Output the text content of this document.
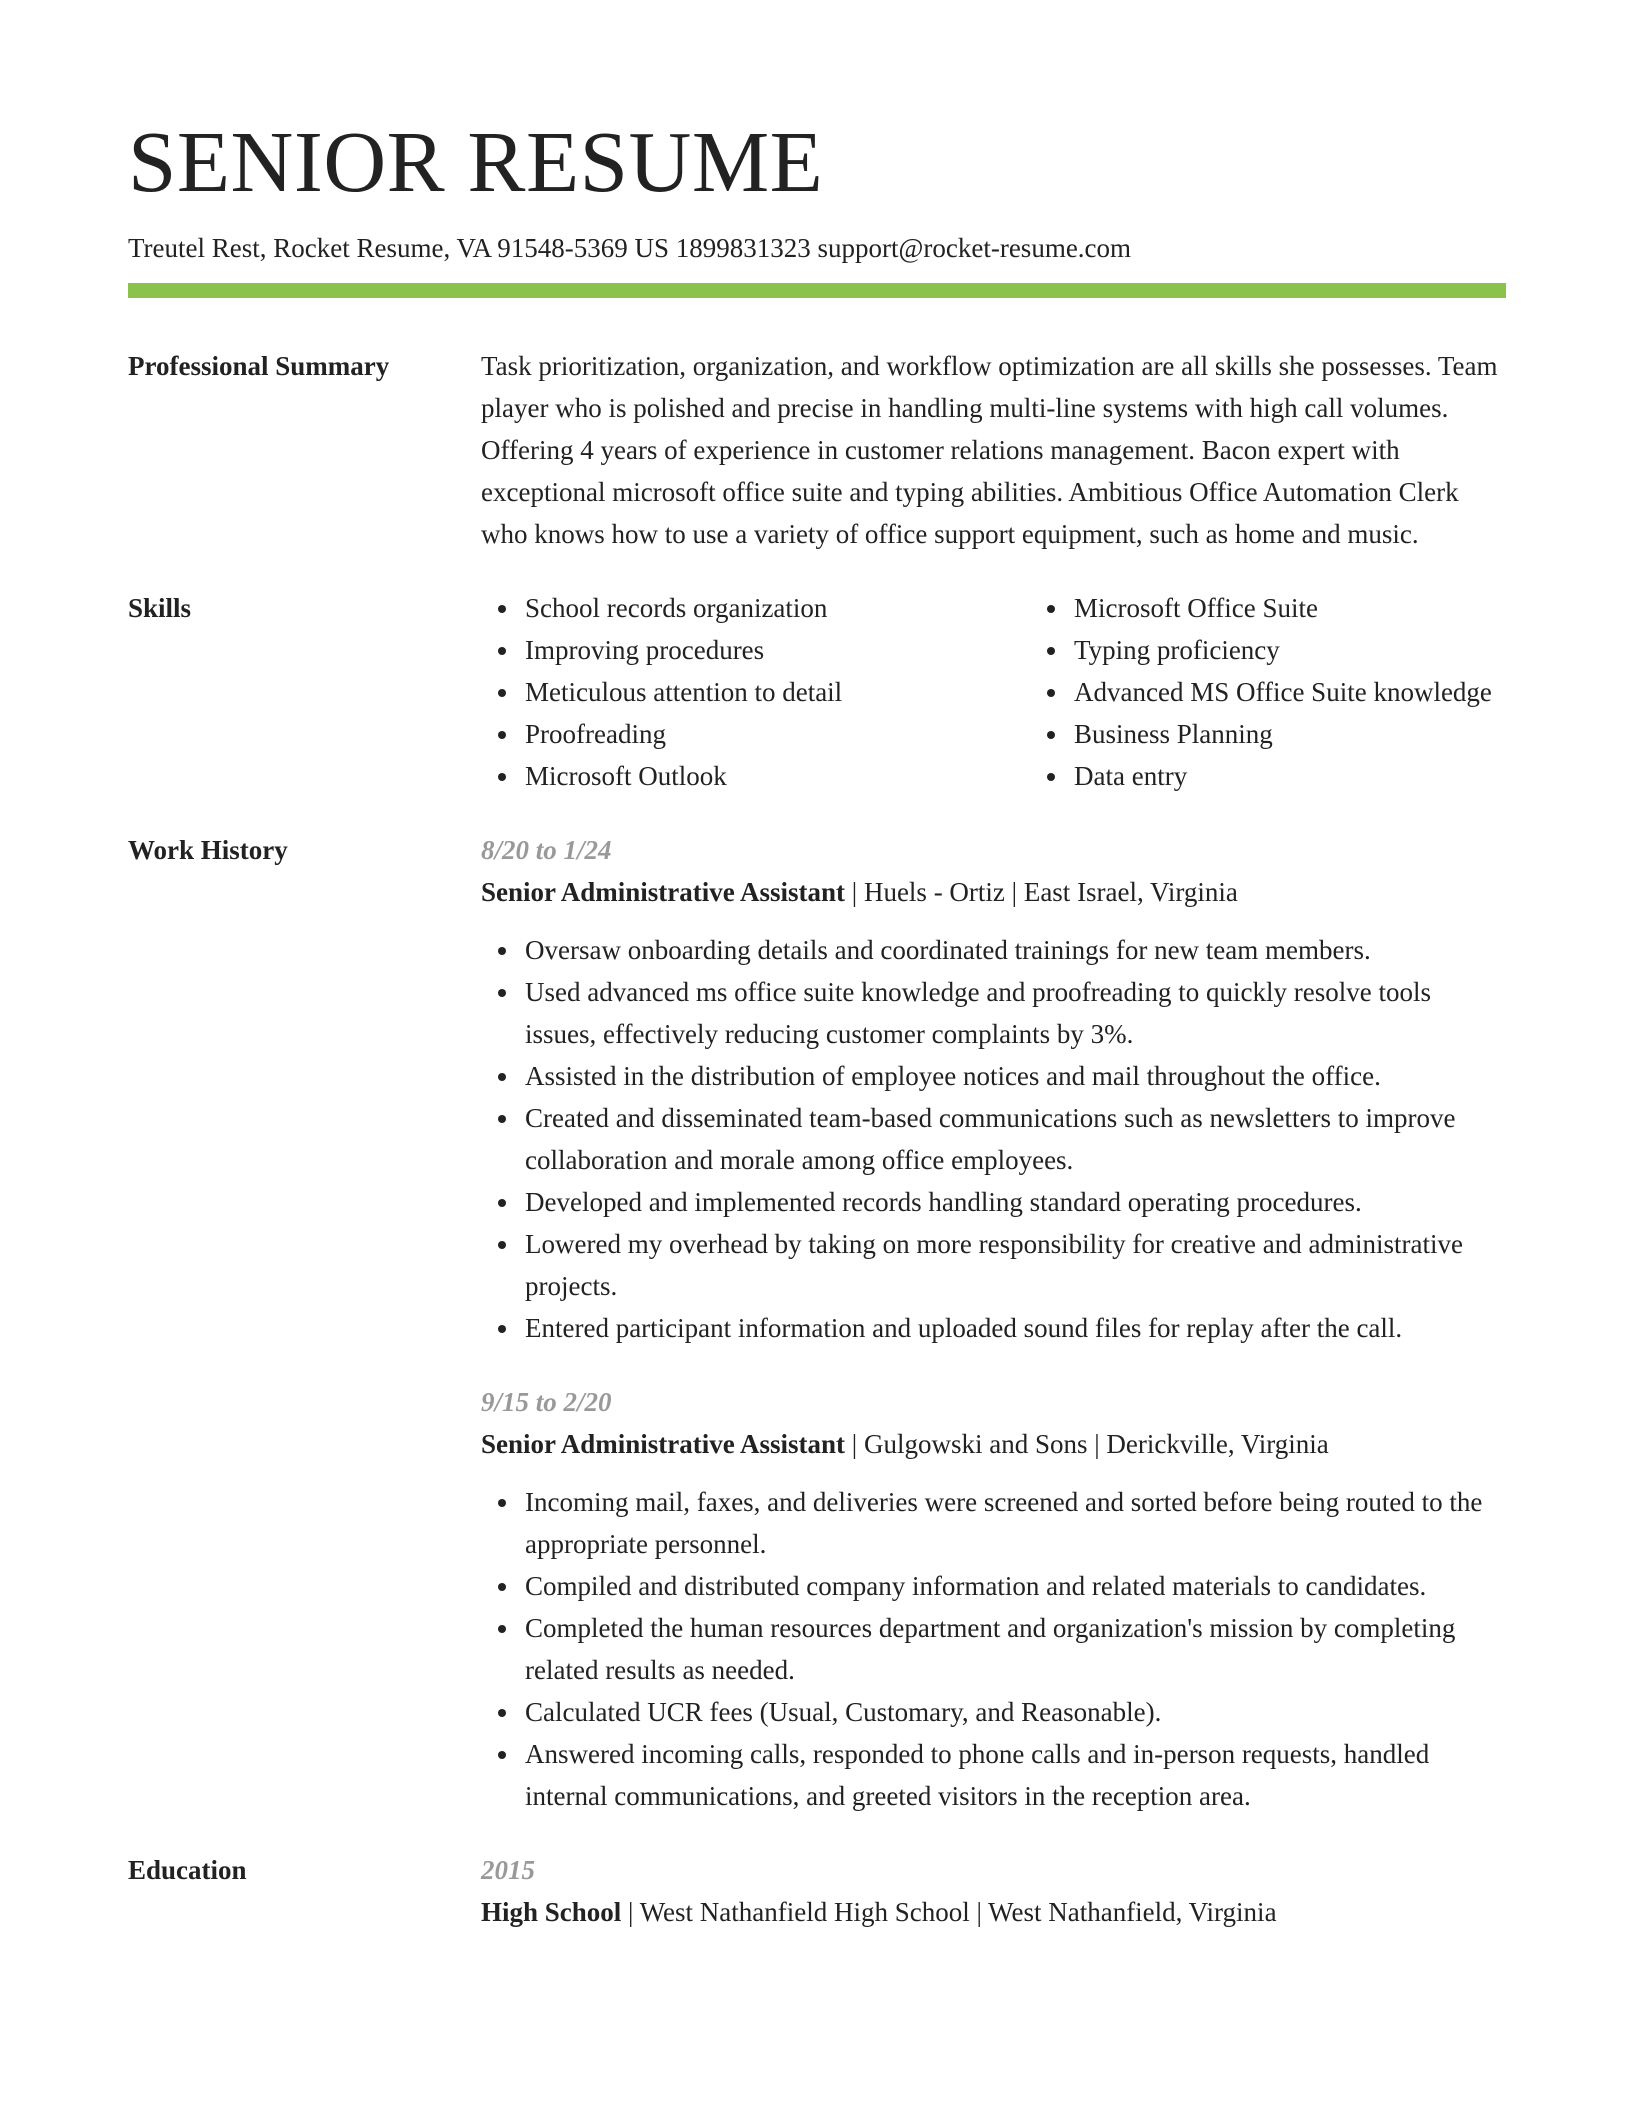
SENIOR RESUME
Treutel Rest, Rocket Resume, VA 91548-5369 US 1899831323 support@rocket-resume.com
Professional Summary	Task prioritization, organization, and workflow optimization are all skills she possesses. Team player who is polished and precise in handling multi-line systems with high call volumes. Offering 4 years of experience in customer relations management. Bacon expert with exceptional microsoft office suite and typing abilities. Ambitious Office Automation Clerk who knows how to use a variety of office support equipment, such as home and music.
Skills	School records organization
Improving procedures
Meticulous attention to detail
Proofreading
Microsoft Outlook
Microsoft Office Suite
Typing proficiency
Advanced MS Office Suite knowledge
Business Planning
Data entry
Work History	8/20 to 1/24
Senior Administrative Assistant | Huels - Ortiz | East Israel, Virginia
Oversaw onboarding details and coordinated trainings for new team members.
Used advanced ms office suite knowledge and proofreading to quickly resolve tools issues, effectively reducing customer complaints by 3%.
Assisted in the distribution of employee notices and mail throughout the office.
Created and disseminated team-based communications such as newsletters to improve collaboration and morale among office employees.
Developed and implemented records handling standard operating procedures.
Lowered my overhead by taking on more responsibility for creative and administrative projects.
Entered participant information and uploaded sound files for replay after the call.
9/15 to 2/20
Senior Administrative Assistant | Gulgowski and Sons | Derickville, Virginia
Incoming mail, faxes, and deliveries were screened and sorted before being routed to the appropriate personnel.
Compiled and distributed company information and related materials to candidates.
Completed the human resources department and organization's mission by completing related results as needed.
Calculated UCR fees (Usual, Customary, and Reasonable).
Answered incoming calls, responded to phone calls and in-person requests, handled internal communications, and greeted visitors in the reception area.
Education	2015
High School | West Nathanfield High School | West Nathanfield, Virginia
